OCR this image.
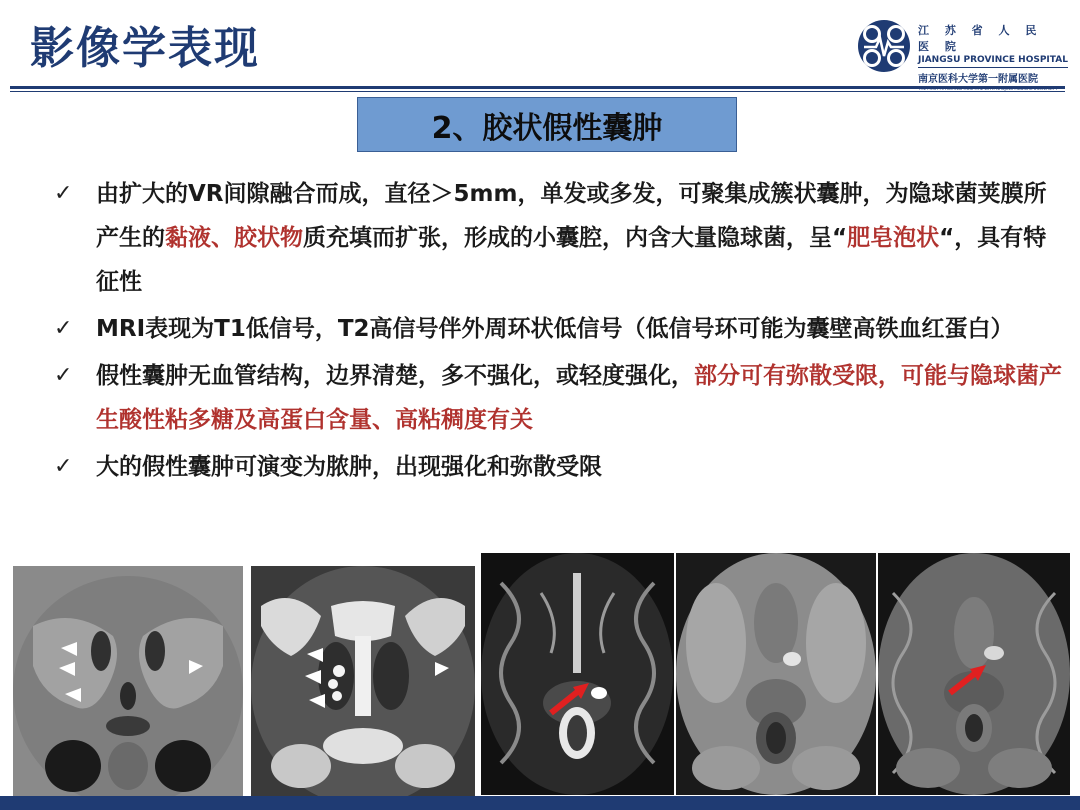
影像学表现	江 苏 省 人 民 医 院
JIANGSU PROVINCE HOSPITAL
南京医科大学第一附属医院
2、胶状假性囊肿
✓ 由扩大的VR间隙融合而成，直径＞5mm，单发或多发，可聚集成簇状囊肿，为隐球菌荚膜所产生的黏液、胶状物质充填而扩张，形成的小囊腔，内含大量隐球菌，呈“肥皂泡状“，具有特征性
✓ MRI表现为T1低信号，T2高信号伴外周环状低信号（低信号环可能为囊壁高铁血红蛋白）
✓ 假性囊肿无血管结构，边界清楚，多不强化，或轻度强化，部分可有弥散受限，可能与隐球菌产生酸性粘多糖及高蛋白含量、高粘稠度有关
✓ 大的假性囊肿可演变为脓肿，出现强化和弥散受限
